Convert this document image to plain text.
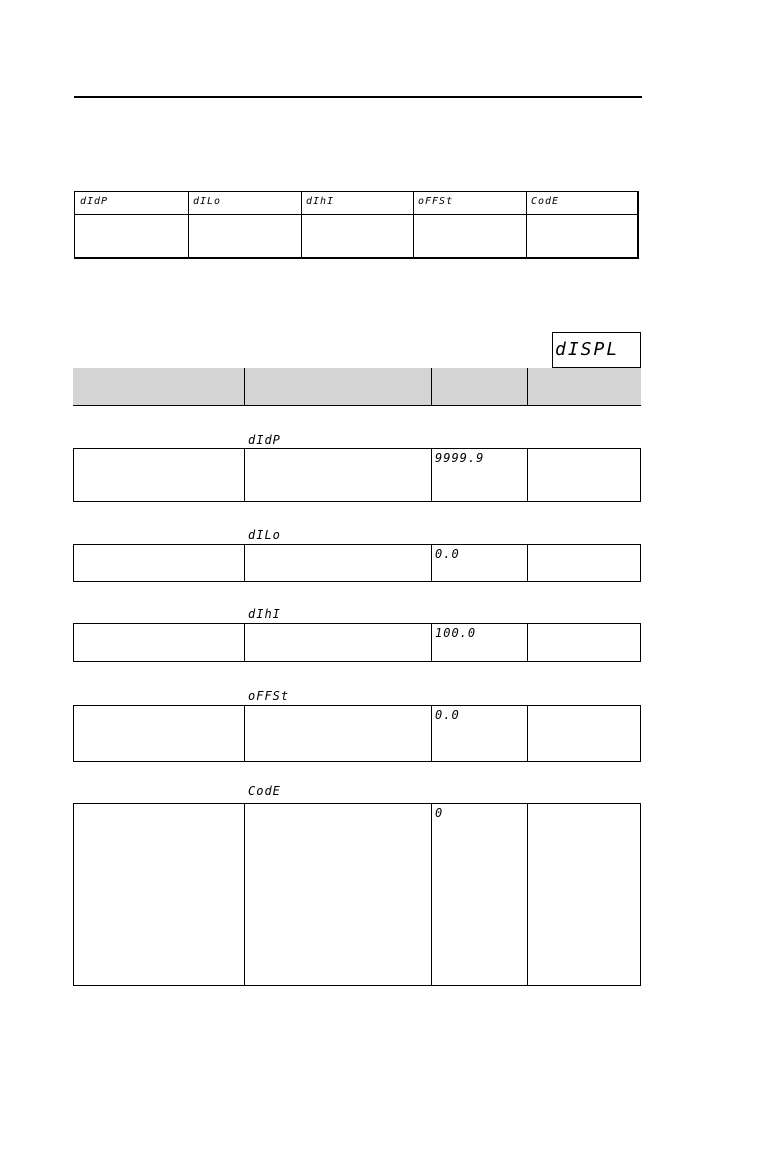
dIdP	dILo	dIhI	oFFSt	CodE
dISPL
dIdP
9999.9
dILo
0.0
dIhI
100.0
oFFSt
0.0
CodE
0
